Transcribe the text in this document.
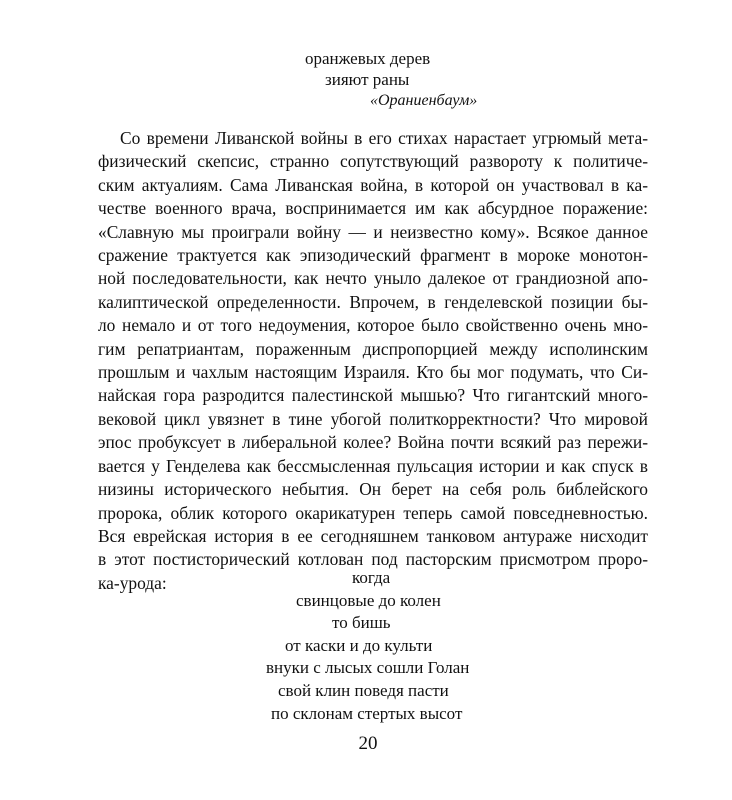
оранжевых дерев
зияют раны
«Ораниенбаум»
Со времени Ливанской войны в его стихах нарастает угрюмый мета-
физический скепсис, странно сопутствующий развороту к политиче-
ским актуалиям. Сама Ливанская война, в которой он участвовал в ка-
честве военного врача, воспринимается им как абсурдное поражение:
«Славную мы проиграли войну — и неизвестно кому». Всякое данное
сражение трактуется как эпизодический фрагмент в мороке монотон-
ной последовательности, как нечто уныло далекое от грандиозной апо-
калиптической определенности. Впрочем, в генделевской позиции бы-
ло немало и от того недоумения, которое было свойственно очень мно-
гим репатриантам, пораженным диспропорцией между исполинским
прошлым и чахлым настоящим Израиля. Кто бы мог подумать, что Си-
найская гора разродится палестинской мышью? Что гигантский много-
вековой цикл увязнет в тине убогой политкорректности? Что мировой
эпос пробуксует в либеральной колее? Война почти всякий раз пережи-
вается у Генделева как бессмысленная пульсация истории и как спуск в
низины исторического небытия. Он берет на себя роль библейского
пророка, облик которого окарикатурен теперь самой повседневностью.
Вся еврейская история в ее сегодняшнем танковом антураже нисходит
в этот постисторический котлован под пасторским присмотром проро-
ка-урода:	когда
свинцовые до колен
то бишь
от каски и до культи
внуки с лысых сошли Голан
свой клин поведя пасти
по склонам стертых высот
20
